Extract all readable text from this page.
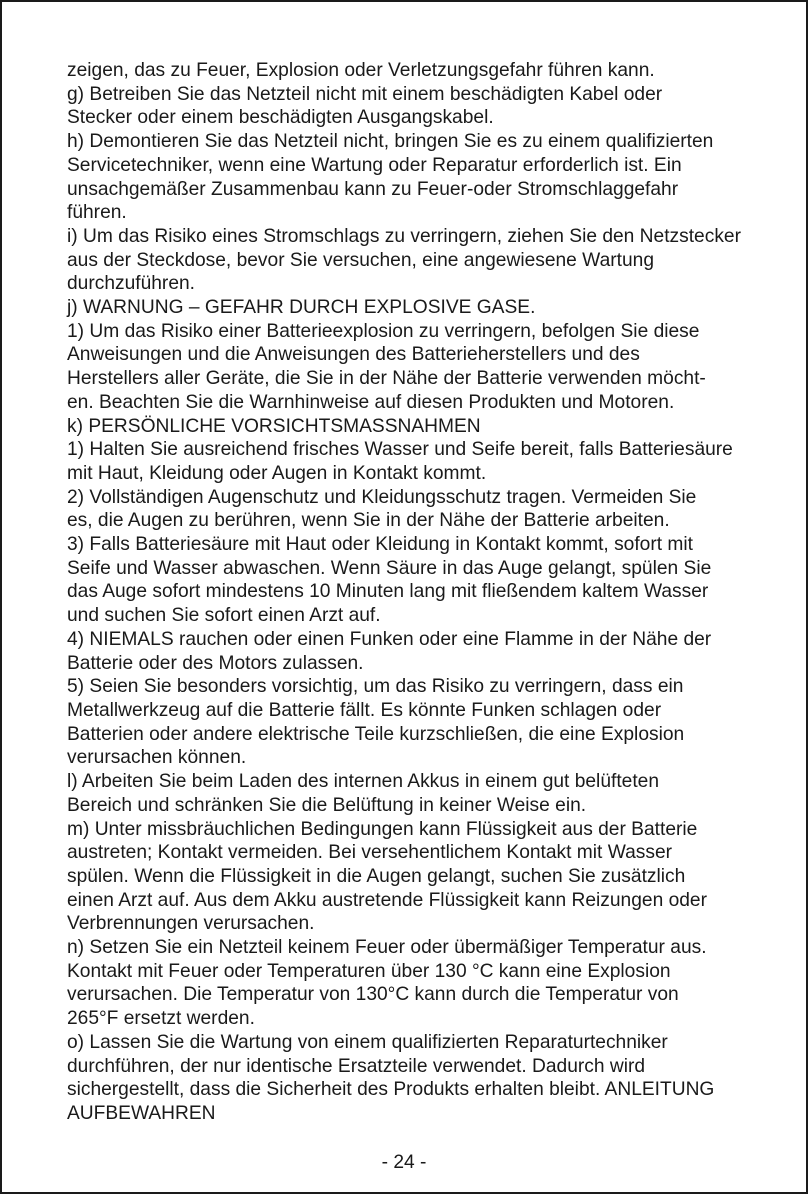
zeigen, das zu Feuer, Explosion oder Verletzungsgefahr führen kann.
g) Betreiben Sie das Netzteil nicht mit einem beschädigten Kabel oder
Stecker oder einem beschädigten Ausgangskabel.
h) Demontieren Sie das Netzteil nicht, bringen Sie es zu einem qualifizierten
Servicetechniker, wenn eine Wartung oder Reparatur erforderlich ist. Ein
unsachgemäßer Zusammenbau kann zu Feuer-oder Stromschlaggefahr
führen.
i) Um das Risiko eines Stromschlags zu verringern, ziehen Sie den Netzstecker
aus der Steckdose, bevor Sie versuchen, eine angewiesene Wartung
durchzuführen.
j) WARNUNG – GEFAHR DURCH EXPLOSIVE GASE.
1) Um das Risiko einer Batterieexplosion zu verringern, befolgen Sie diese
Anweisungen und die Anweisungen des Batterieherstellers und des
Herstellers aller Geräte, die Sie in der Nähe der Batterie verwenden möcht-
en. Beachten Sie die Warnhinweise auf diesen Produkten und Motoren.
k) PERSÖNLICHE VORSICHTSMASSNAHMEN
1) Halten Sie ausreichend frisches Wasser und Seife bereit, falls Batteriesäure
mit Haut, Kleidung oder Augen in Kontakt kommt.
2) Vollständigen Augenschutz und Kleidungsschutz tragen. Vermeiden Sie
es, die Augen zu berühren, wenn Sie in der Nähe der Batterie arbeiten.
3) Falls Batteriesäure mit Haut oder Kleidung in Kontakt kommt, sofort mit
Seife und Wasser abwaschen. Wenn Säure in das Auge gelangt, spülen Sie
das Auge sofort mindestens 10 Minuten lang mit fließendem kaltem Wasser
und suchen Sie sofort einen Arzt auf.
4) NIEMALS rauchen oder einen Funken oder eine Flamme in der Nähe der
Batterie oder des Motors zulassen.
5) Seien Sie besonders vorsichtig, um das Risiko zu verringern, dass ein
Metallwerkzeug auf die Batterie fällt. Es könnte Funken schlagen oder
Batterien oder andere elektrische Teile kurzschließen, die eine Explosion
verursachen können.
l) Arbeiten Sie beim Laden des internen Akkus in einem gut belüfteten
Bereich und schränken Sie die Belüftung in keiner Weise ein.
m) Unter missbräuchlichen Bedingungen kann Flüssigkeit aus der Batterie
austreten; Kontakt vermeiden. Bei versehentlichem Kontakt mit Wasser
spülen. Wenn die Flüssigkeit in die Augen gelangt, suchen Sie zusätzlich
einen Arzt auf. Aus dem Akku austretende Flüssigkeit kann Reizungen oder
Verbrennungen verursachen.
n) Setzen Sie ein Netzteil keinem Feuer oder übermäßiger Temperatur aus.
Kontakt mit Feuer oder Temperaturen über 130 °C kann eine Explosion
verursachen. Die Temperatur von 130°C kann durch die Temperatur von
265°F ersetzt werden.
o) Lassen Sie die Wartung von einem qualifizierten Reparaturtechniker
durchführen, der nur identische Ersatzteile verwendet. Dadurch wird
sichergestellt, dass die Sicherheit des Produkts erhalten bleibt. ANLEITUNG
AUFBEWAHREN
- 24 -
